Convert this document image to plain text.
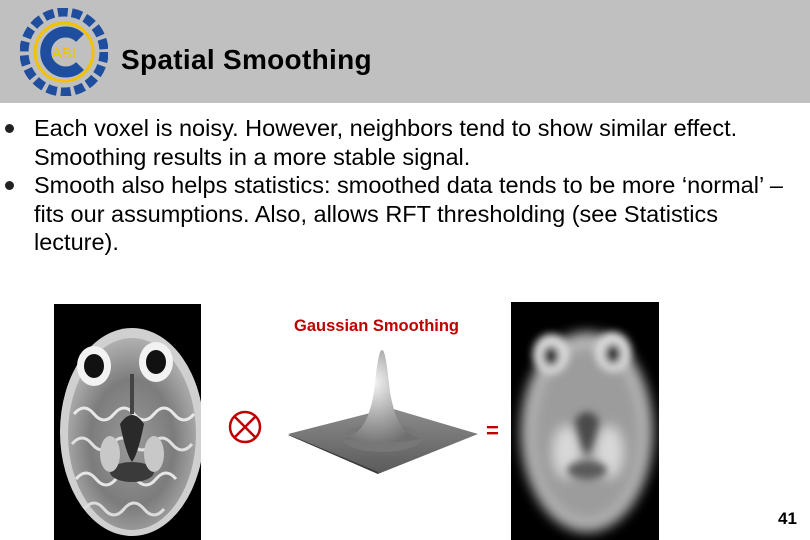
ABI Spatial Smoothing
Each voxel is noisy. However, neighbors tend to show similar effect. Smoothing results in a more stable signal.
Smooth also helps statistics: smoothed data tends to be more ‘normal’ – fits our assumptions. Also, allows RFT thresholding (see Statistics lecture).
Gaussian Smoothing
=
41
